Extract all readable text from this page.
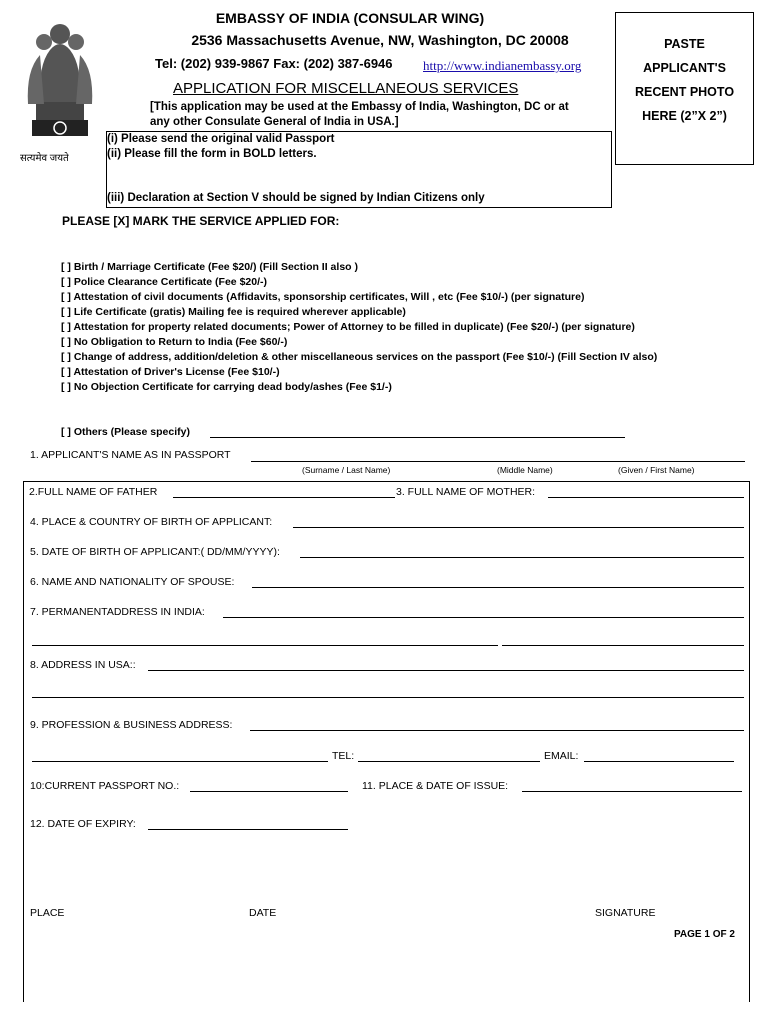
सत्यमेव जयते
EMBASSY OF INDIA (CONSULAR WING)
2536 Massachusetts Avenue, NW, Washington, DC 20008
Tel: (202) 939-9867 Fax: (202) 387-6946 http://www.indianembassy.org
APPLICATION FOR MISCELLANEOUS SERVICES
[This application may be used at the Embassy of India, Washington, DC or at
any other Consulate General of India in USA.]
PASTE
APPLICANT'S
RECENT PHOTO
HERE (2”X 2”)
(i) Please send the original valid Passport
(ii) Please fill the form in BOLD letters.
(iii) Declaration at Section V should be signed by Indian Citizens only
PLEASE [X] MARK THE SERVICE APPLIED FOR:
[ ] Birth / Marriage Certificate (Fee $20/) (Fill Section II also )
[ ] Police Clearance Certificate (Fee $20/-)
[ ] Attestation of civil documents (Affidavits, sponsorship certificates, Will , etc (Fee $10/-) (per signature)
[ ] Life Certificate (gratis) Mailing fee is required wherever applicable)
[ ] Attestation for property related documents; Power of Attorney to be filled in duplicate) (Fee $20/-) (per signature)
[ ] No Obligation to Return to India (Fee $60/-)
[ ] Change of address, addition/deletion & other miscellaneous services on the passport (Fee $10/-) (Fill Section IV also)
[ ] Attestation of Driver's License (Fee $10/-)
[ ] No Objection Certificate for carrying dead body/ashes (Fee $1/-)
[ ] Others (Please specify)
1. APPLICANT'S NAME AS IN PASSPORT
(Surname / Last Name)	(Middle Name)	(Given / First Name)
2.FULL NAME OF FATHER	3. FULL NAME OF MOTHER:
4. PLACE & COUNTRY OF BIRTH OF APPLICANT:
5. DATE OF BIRTH OF APPLICANT:( DD/MM/YYYY):
6. NAME AND NATIONALITY OF SPOUSE:
7. PERMANENTADDRESS IN INDIA:
8. ADDRESS IN USA::
9. PROFESSION & BUSINESS ADDRESS:
TEL:	EMAIL:
10:CURRENT PASSPORT NO.:	11. PLACE & DATE OF ISSUE:
12. DATE OF EXPIRY:
PLACE	DATE	SIGNATURE
PAGE 1 OF 2
